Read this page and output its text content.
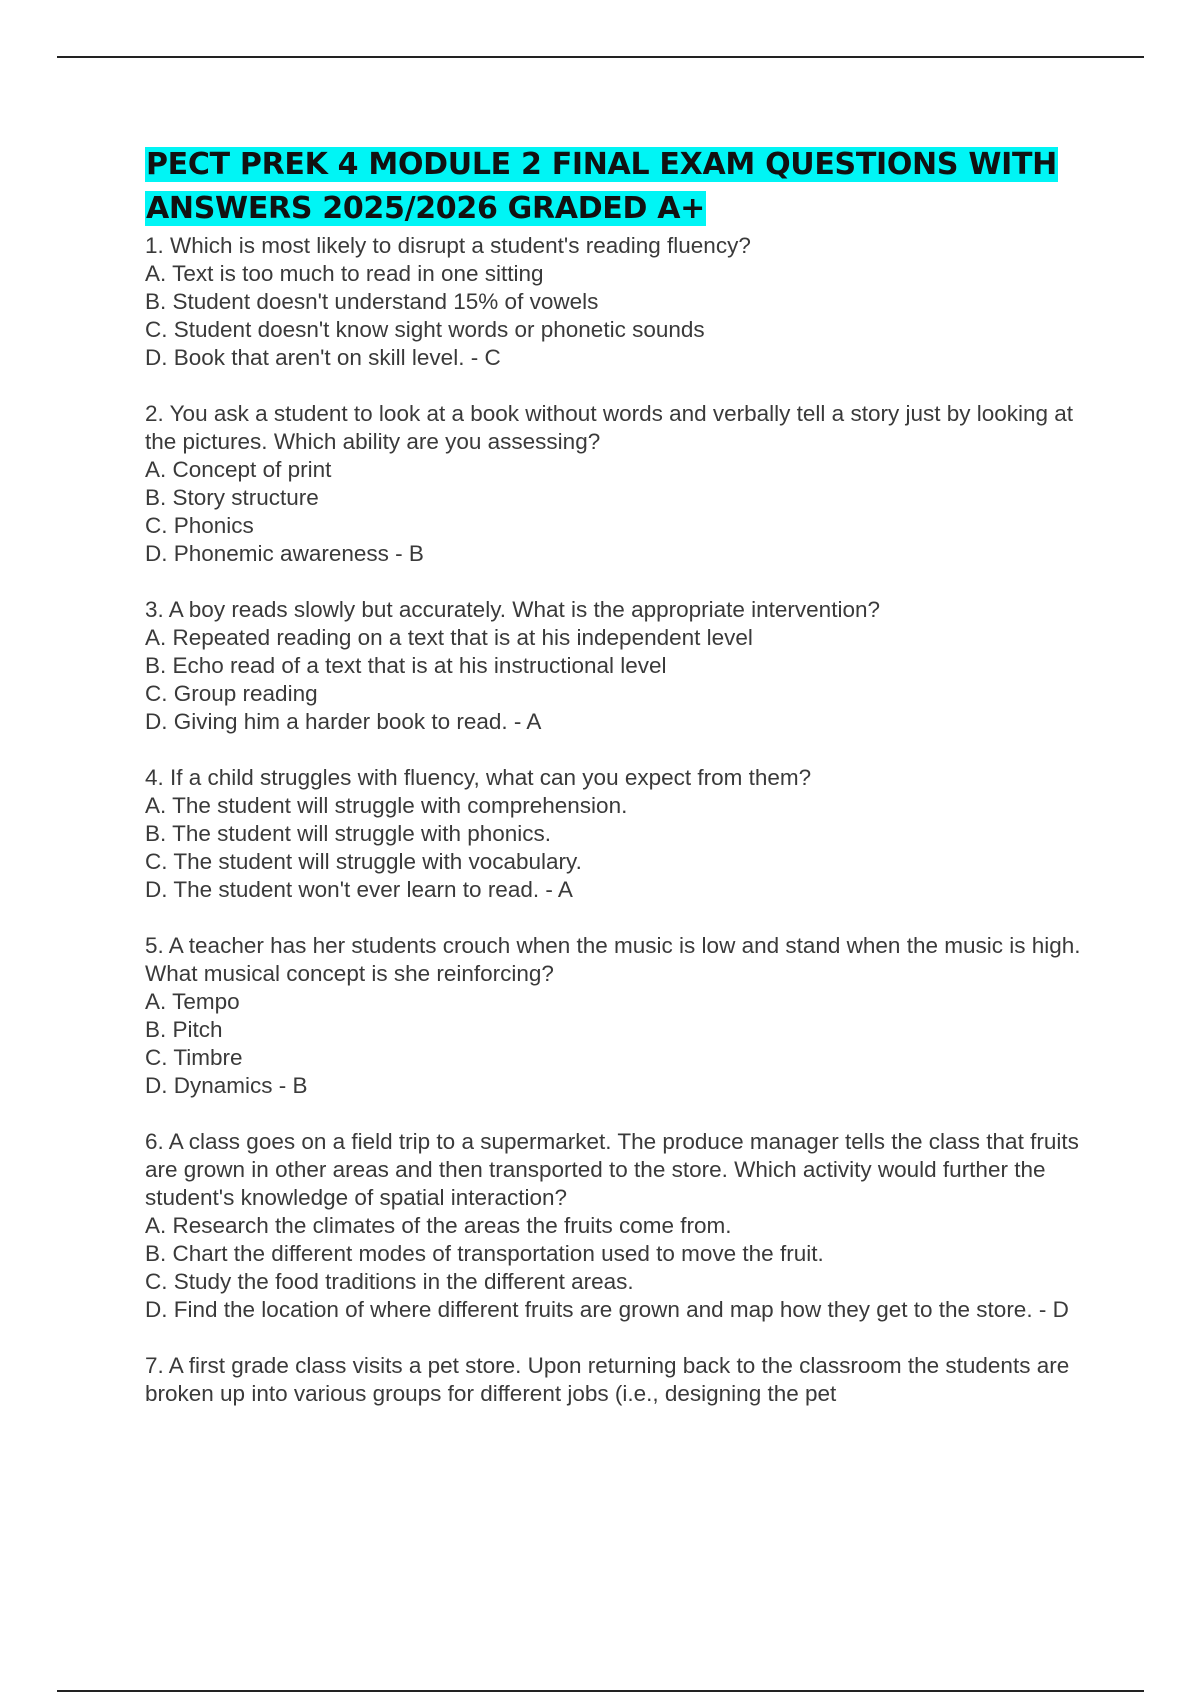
PECT PREK 4 MODULE 2 FINAL EXAM QUESTIONS WITH
ANSWERS 2025/2026 GRADED A+

1. Which is most likely to disrupt a student's reading fluency?

A. Text is too much to read in one sitting

B. Student doesn't understand 15% of vowels

C. Student doesn't know sight words or phonetic sounds

D. Book that aren't on skill level. - C

2. You ask a student to look at a book without words and verbally tell a story just by looking at the pictures. Which ability are you assessing?

A. Concept of print

B. Story structure

C. Phonics

D. Phonemic awareness - B

3. A boy reads slowly but accurately. What is the appropriate intervention?

A. Repeated reading on a text that is at his independent level

B. Echo read of a text that is at his instructional level

C. Group reading

D. Giving him a harder book to read. - A

4. If a child struggles with fluency, what can you expect from them?

A. The student will struggle with comprehension.

B. The student will struggle with phonics.

C. The student will struggle with vocabulary.

D. The student won't ever learn to read. - A

5. A teacher has her students crouch when the music is low and stand when the music is high. What musical concept is she reinforcing?

A. Tempo

B. Pitch

C. Timbre

D. Dynamics - B

6. A class goes on a field trip to a supermarket. The produce manager tells the class that fruits are grown in other areas and then transported to the store. Which activity would further the student's knowledge of spatial interaction?

A. Research the climates of the areas the fruits come from.

B. Chart the different modes of transportation used to move the fruit.

C. Study the food traditions in the different areas.

D. Find the location of where different fruits are grown and map how they get to the store. - D

7. A first grade class visits a pet store. Upon returning back to the classroom the students are broken up into various groups for different jobs (i.e., designing the pet
